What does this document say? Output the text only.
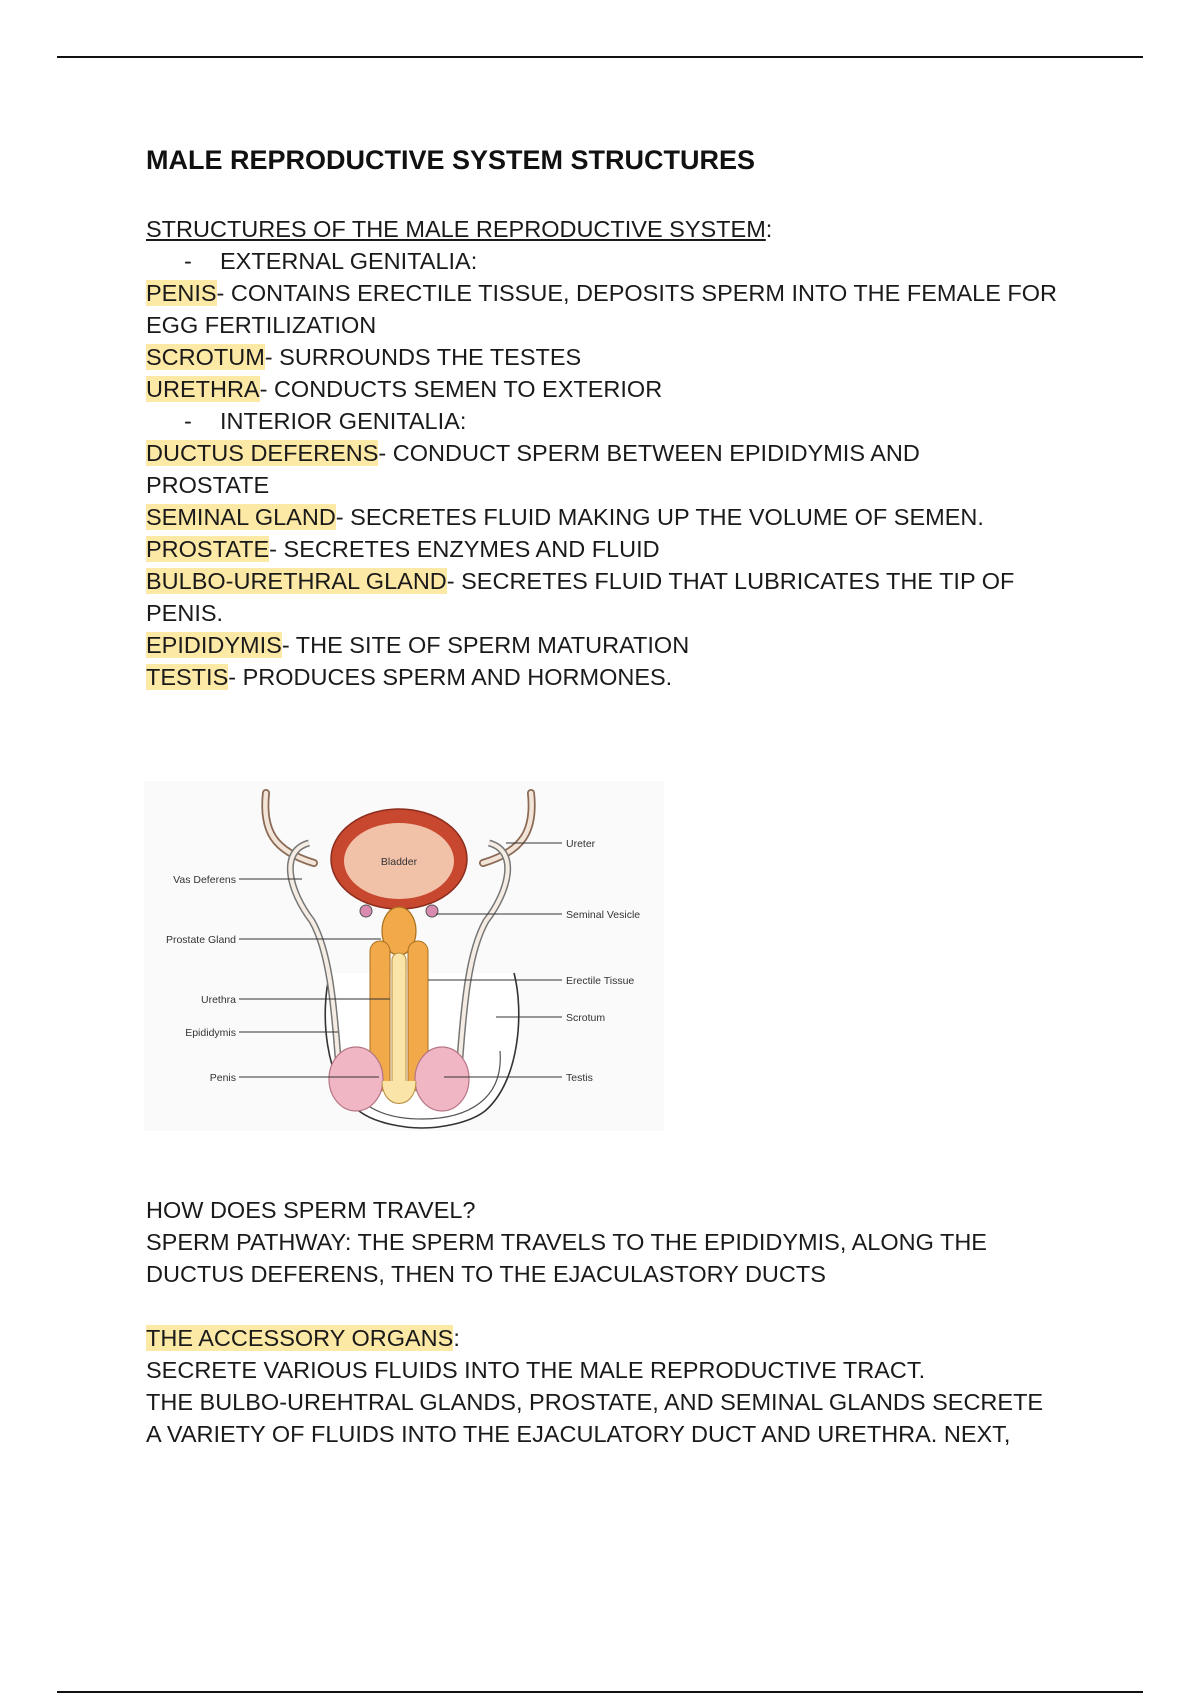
MALE REPRODUCTIVE SYSTEM STRUCTURES
STRUCTURES OF THE MALE REPRODUCTIVE SYSTEM:
- EXTERNAL GENITALIA:
PENIS- CONTAINS ERECTILE TISSUE, DEPOSITS SPERM INTO THE FEMALE FOR
EGG FERTILIZATION
SCROTUM- SURROUNDS THE TESTES
URETHRA- CONDUCTS SEMEN TO EXTERIOR
- INTERIOR GENITALIA:
DUCTUS DEFERENS- CONDUCT SPERM BETWEEN EPIDIDYMIS AND
PROSTATE
SEMINAL GLAND- SECRETES FLUID MAKING UP THE VOLUME OF SEMEN.
PROSTATE- SECRETES ENZYMES AND FLUID
BULBO-URETHRAL GLAND- SECRETES FLUID THAT LUBRICATES THE TIP OF
PENIS.
EPIDIDYMIS- THE SITE OF SPERM MATURATION
TESTIS- PRODUCES SPERM AND HORMONES.
Bladder
Vas Deferens
Prostate Gland
Urethra
Epididymis
Penis
Ureter
Seminal Vesicle
Erectile Tissue
Scrotum
Testis
HOW DOES SPERM TRAVEL?
SPERM PATHWAY: THE SPERM TRAVELS TO THE EPIDIDYMIS, ALONG THE
DUCTUS DEFERENS, THEN TO THE EJACULASTORY DUCTS
THE ACCESSORY ORGANS:
SECRETE VARIOUS FLUIDS INTO THE MALE REPRODUCTIVE TRACT.
THE BULBO-UREHTRAL GLANDS, PROSTATE, AND SEMINAL GLANDS SECRETE
A VARIETY OF FLUIDS INTO THE EJACULATORY DUCT AND URETHRA. NEXT,
